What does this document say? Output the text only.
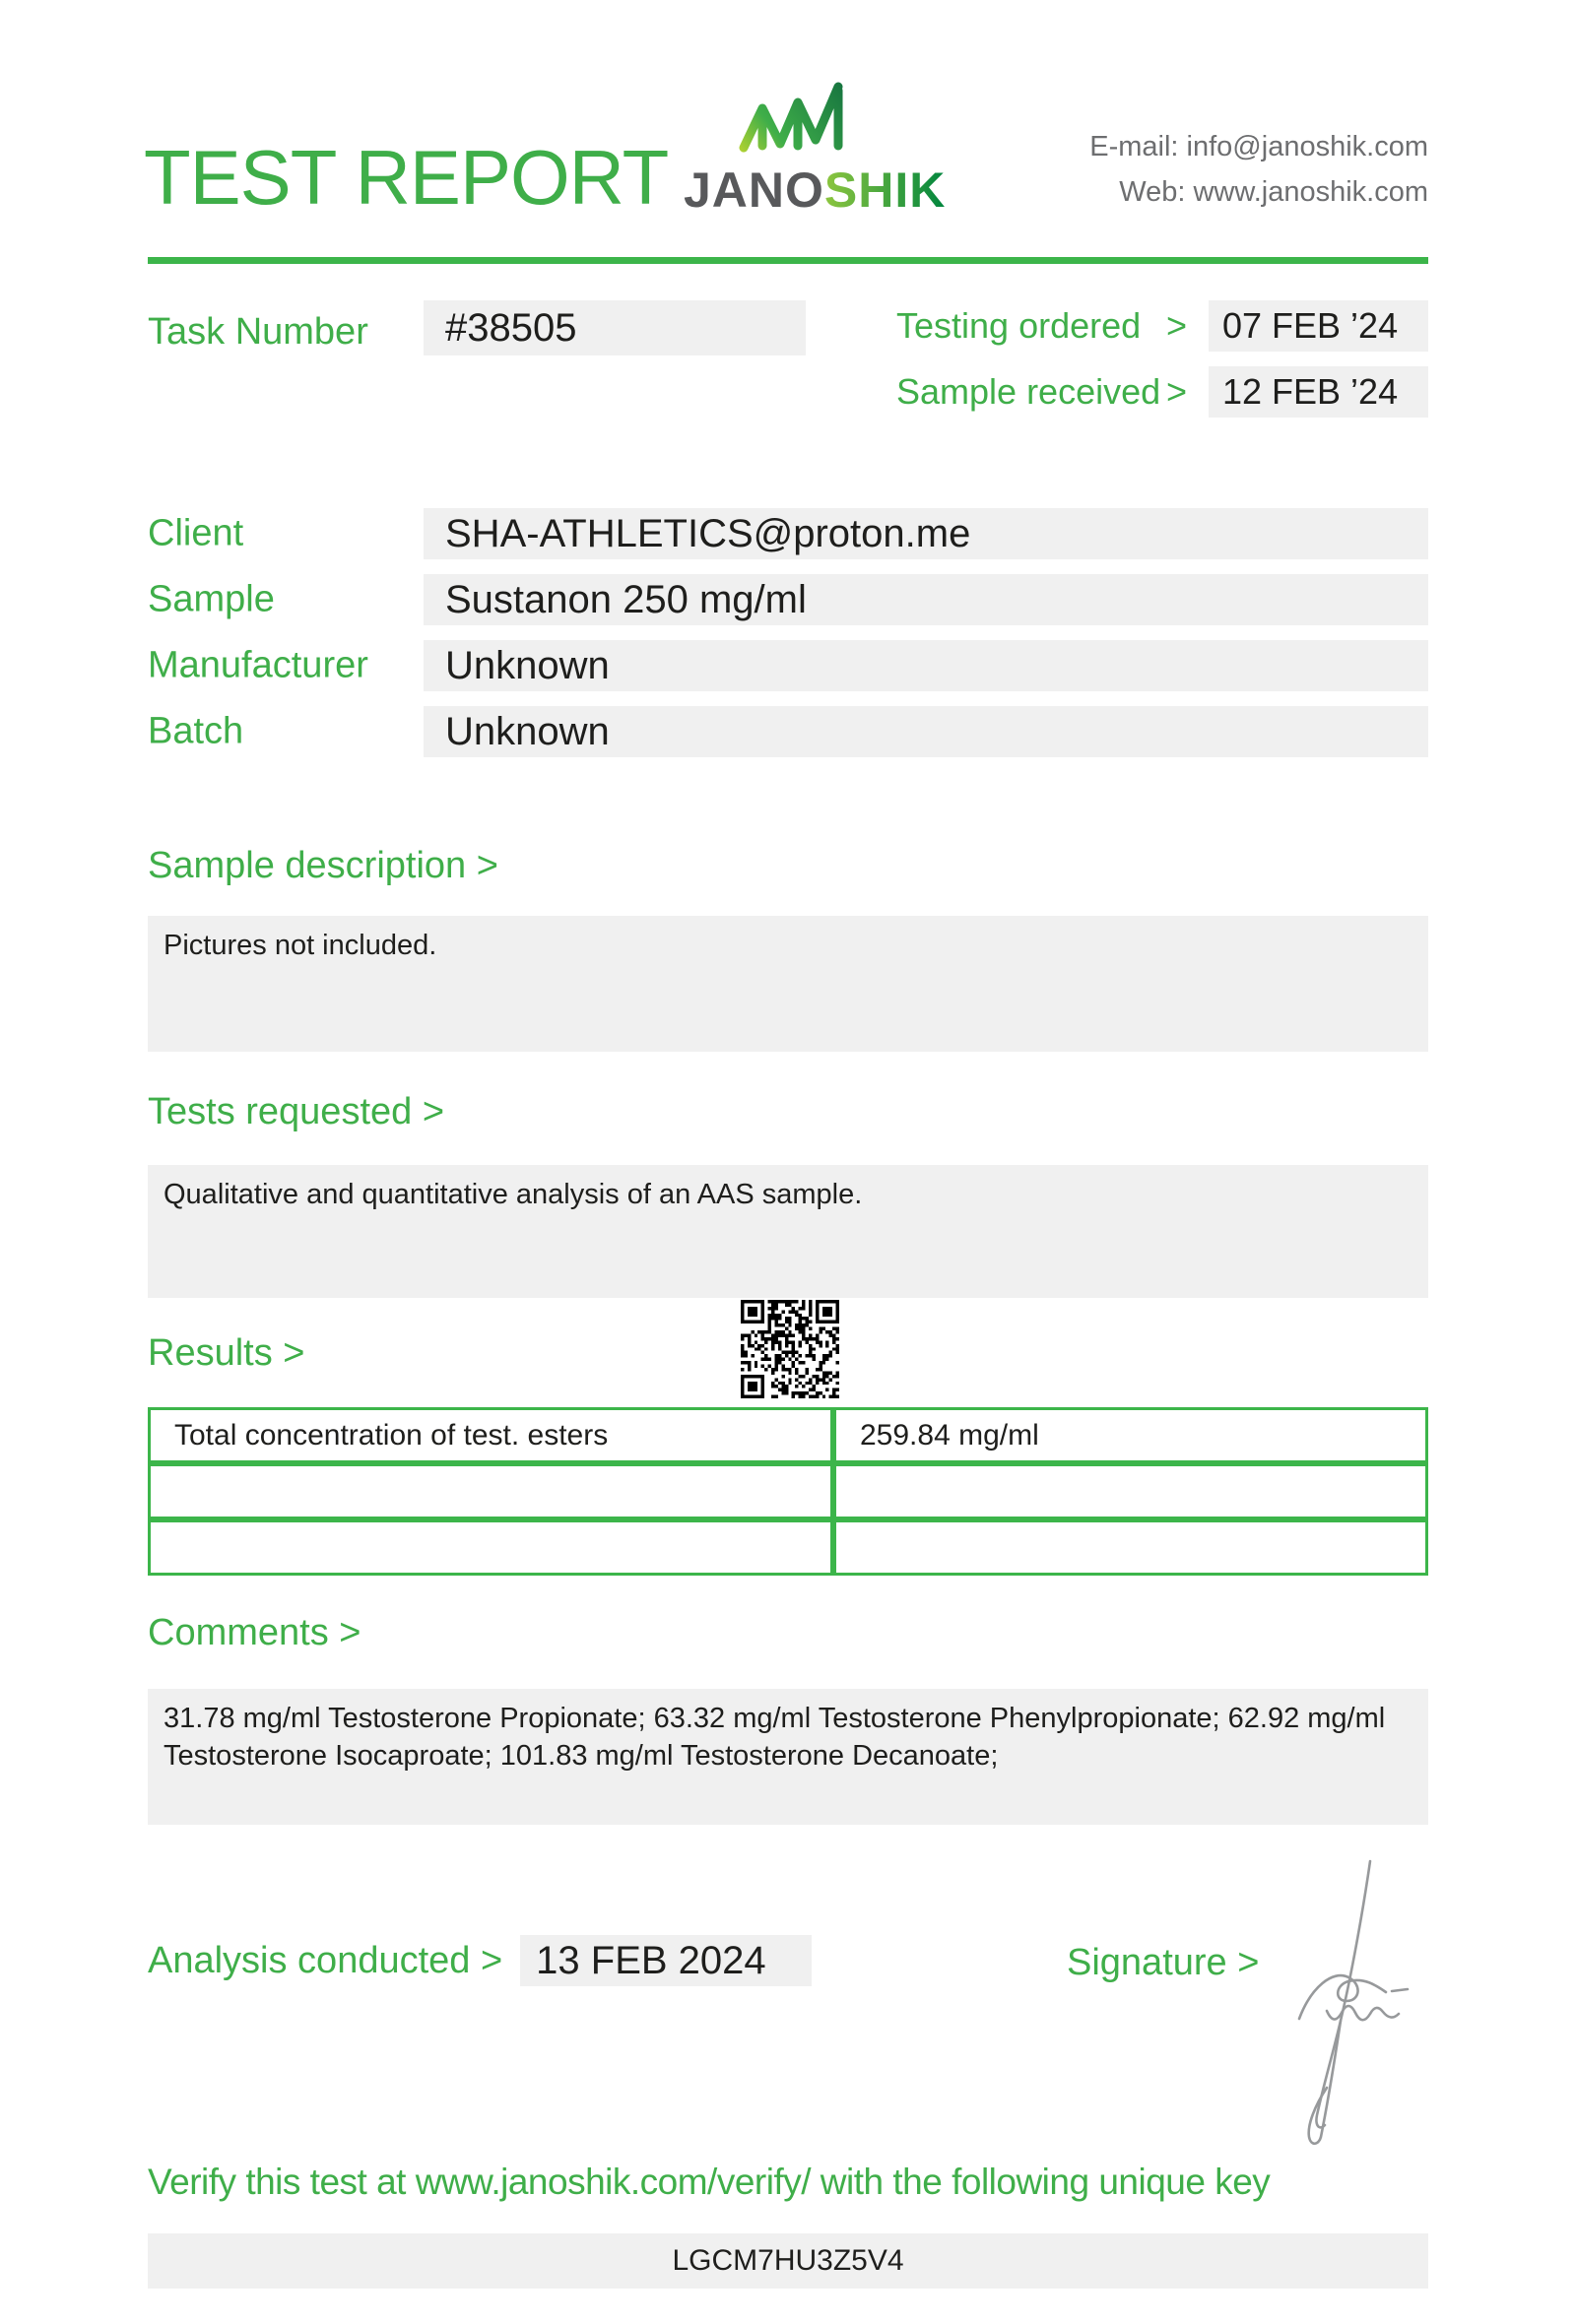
TEST REPORT JANOSHIK
E-mail: info@janoshik.com
Web: www.janoshik.com
Task Number	#38505	Testing ordered >	07 FEB ’24
Sample received >	12 FEB ’24
Client	SHA-ATHLETICS@proton.me
Sample	Sustanon 250 mg/ml
Manufacturer	Unknown
Batch	Unknown
Sample description >
Pictures not included.
Tests requested >
Qualitative and quantitative analysis of an AAS sample.
Results >
Total concentration of test. esters	259.84 mg/ml

Comments >
31.78 mg/ml Testosterone Propionate; 63.32 mg/ml Testosterone Phenylpropionate; 62.92 mg/ml Testosterone Isocaproate; 101.83 mg/ml Testosterone Decanoate;
Analysis conducted > 13 FEB 2024	Signature >
Verify this test at www.janoshik.com/verify/ with the following unique key
LGCM7HU3Z5V4
